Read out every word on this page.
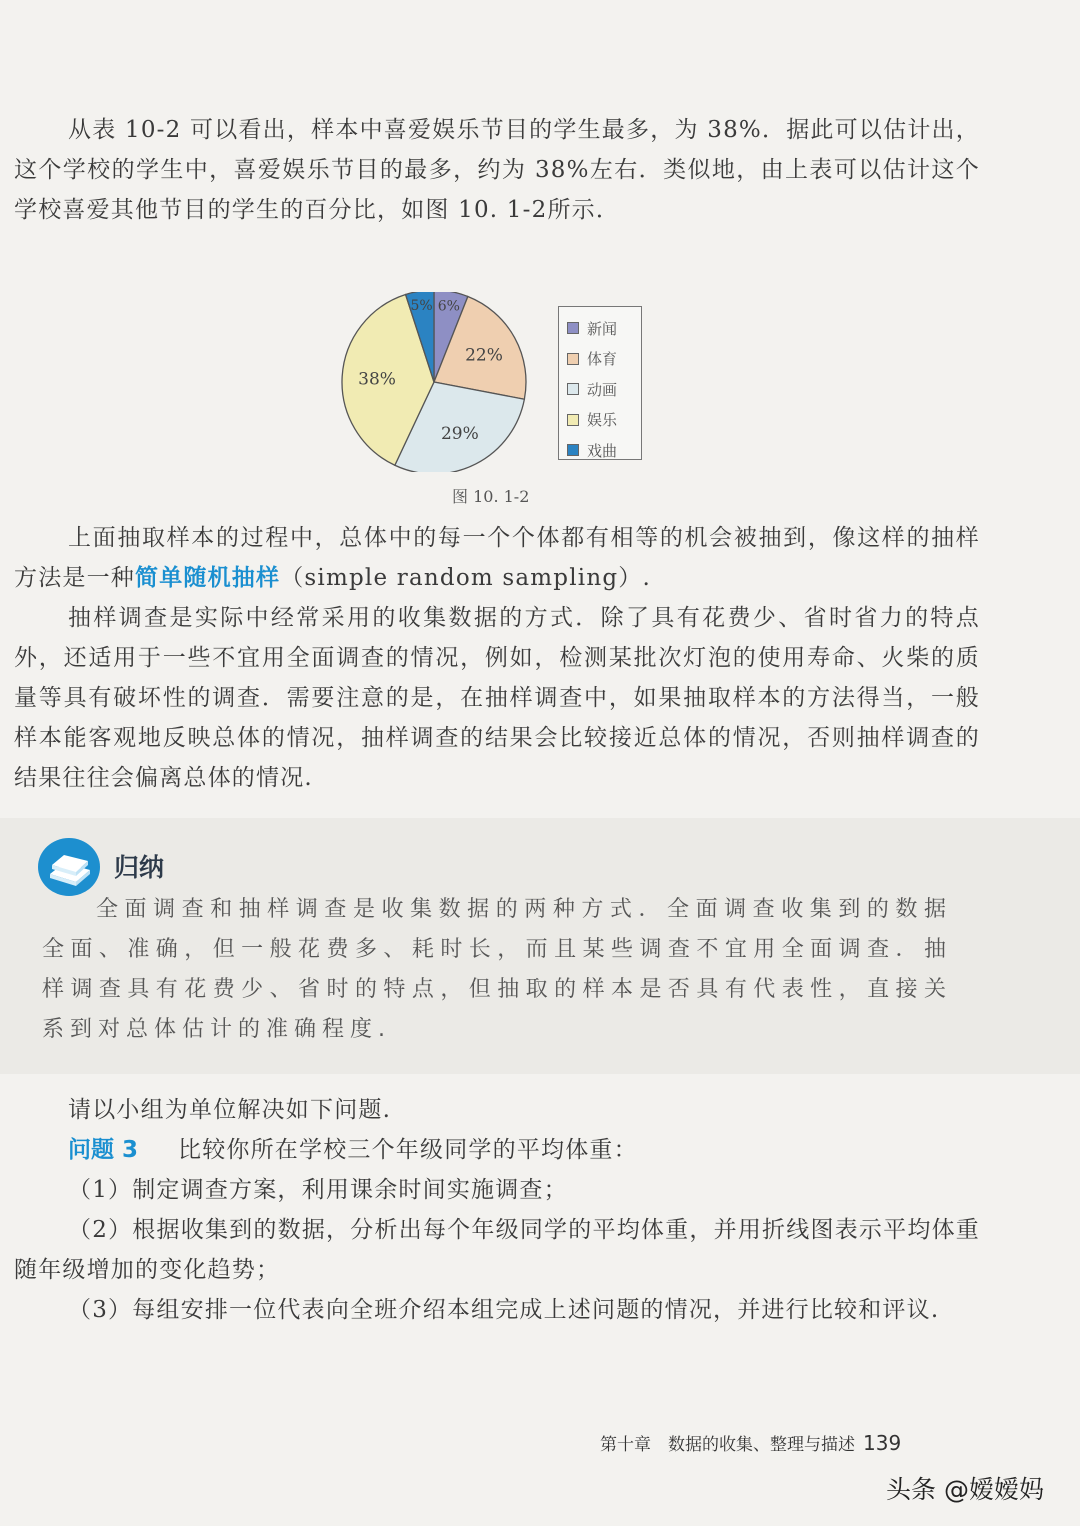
从表 10-2 可以看出，样本中喜爱娱乐节目的学生最多，为 38%．据此可以估计出，这个学校的学生中，喜爱娱乐节目的最多，约为 38%左右．类似地，由上表可以估计这个学校喜爱其他节目的学生的百分比，如图 10. 1-2所示．

6%
22%
29%
38%
5%
新闻
体育
动画
娱乐
戏曲
图 10. 1-2

上面抽取样本的过程中，总体中的每一个个体都有相等的机会被抽到，像这样的抽样方法是一种简单随机抽样（simple random sampling）.

抽样调查是实际中经常采用的收集数据的方式．除了具有花费少、省时省力的特点外，还适用于一些不宜用全面调查的情况，例如，检测某批次灯泡的使用寿命、火柴的质量等具有破坏性的调查．需要注意的是，在抽样调查中，如果抽取样本的方法得当，一般样本能客观地反映总体的情况，抽样调查的结果会比较接近总体的情况，否则抽样调查的结果往往会偏离总体的情况.

归纳

全面调查和抽样调查是收集数据的两种方式．全面调查收集到的数据全面、准确，但一般花费多、耗时长，而且某些调查不宜用全面调查．抽样调查具有花费少、省时的特点，但抽取的样本是否具有代表性，直接关系到对总体估计的准确程度.

请以小组为单位解决如下问题.

问题 3 比较你所在学校三个年级同学的平均体重：

（1）制定调查方案，利用课余时间实施调查；

（2）根据收集到的数据，分析出每个年级同学的平均体重，并用折线图表示平均体重随年级增加的变化趋势；

（3）每组安排一位代表向全班介绍本组完成上述问题的情况，并进行比较和评议.

第十章　数据的收集、整理与描述 139
头条 @嫒嫒妈
